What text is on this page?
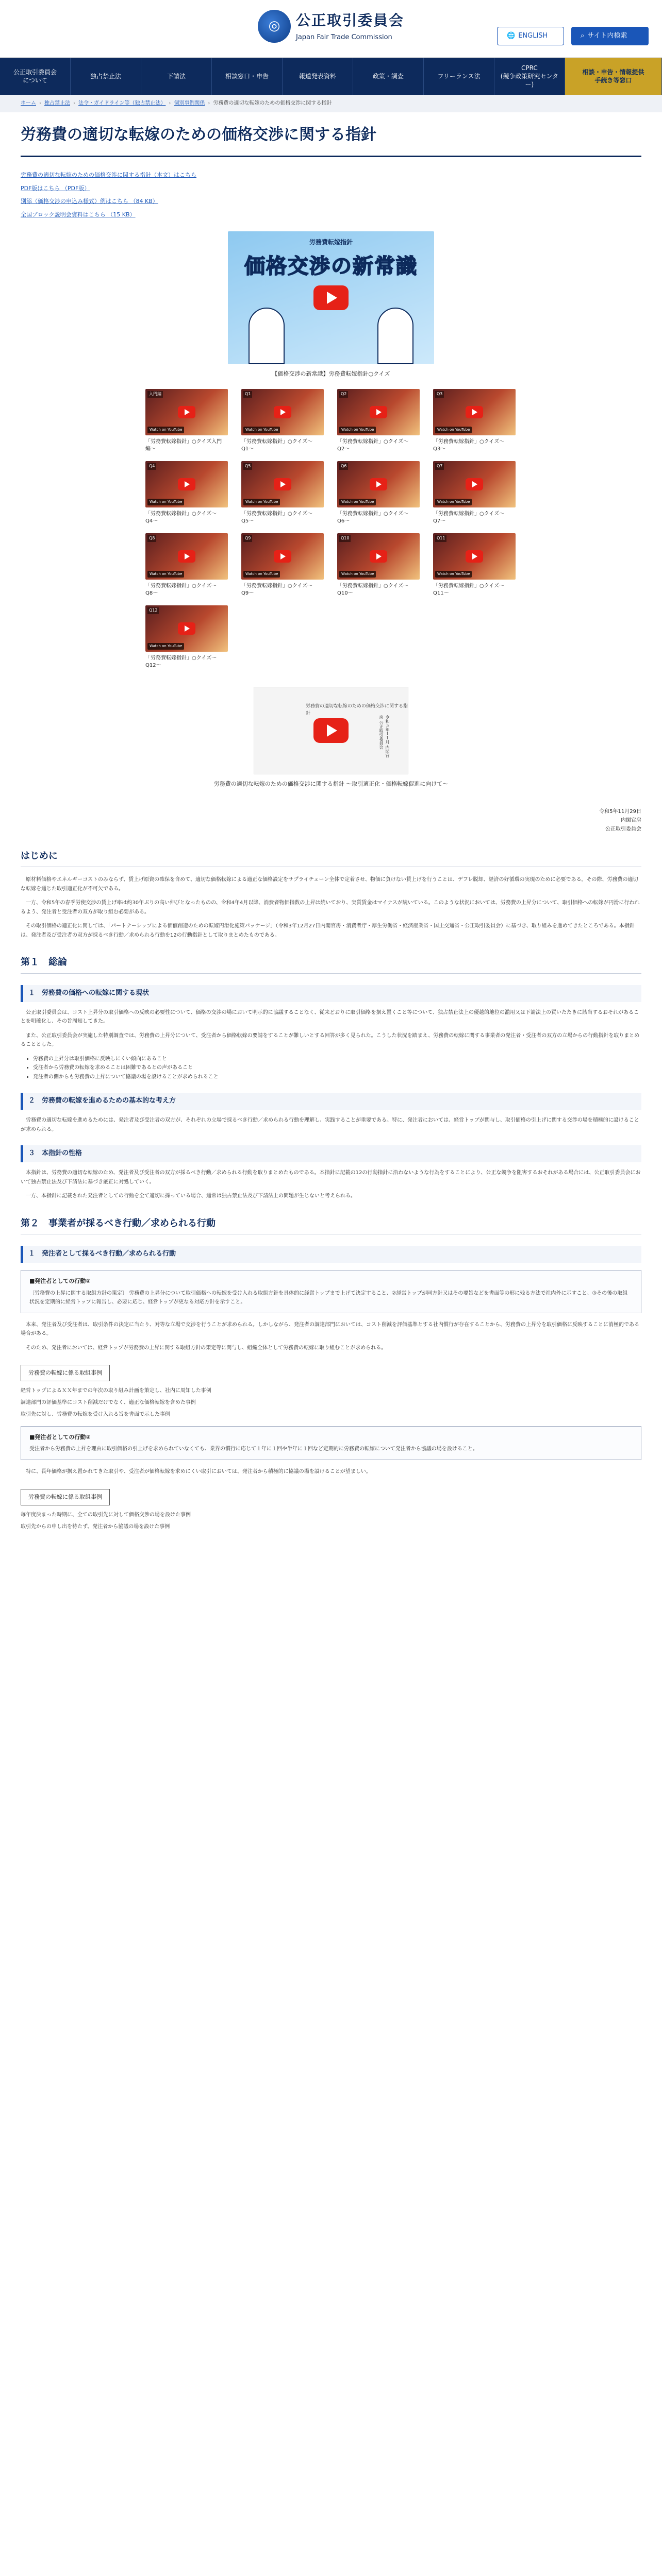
◎	公正取引委員会
Japan Fair Trade Commission	🌐 ENGLISH	⌕ サイト内検索
公正取引委員会
について
独占禁止法	下請法	相談窓口・申告	報道発表資料	政策・調査	フリーランス法
CPRC
(競争政策研究センター)
相談・申告・情報提供
手続き等窓口
ホーム › 独占禁止法 › 法令・ガイドライン等（独占禁止法） › 個別事例関係 › 労務費の適切な転嫁のための価格交渉に関する指針
労務費の適切な転嫁のための価格交渉に関する指針

労務費の適切な転嫁のための価格交渉に関する指針（本文）はこちら

PDF版はこちら （PDF版）

別添（価格交渉の申込み様式）例はこちら （84 KB）

全国ブロック説明会資料はこちら （15 KB）

労務費転嫁指針
価格交渉の新常識

【価格交渉の新常識】労務費転嫁指針○クイズ

入門編
Watch on YouTube
「労務費転嫁指針」○クイズ入門編〜
Q1
Watch on YouTube
「労務費転嫁指針」○クイズ〜Q1〜
Q2
Watch on YouTube
「労務費転嫁指針」○クイズ〜Q2〜
Q3
Watch on YouTube
「労務費転嫁指針」○クイズ〜Q3〜
Q4
Watch on YouTube
「労務費転嫁指針」○クイズ〜Q4〜
Q5
Watch on YouTube
「労務費転嫁指針」○クイズ〜Q5〜
Q6
Watch on YouTube
「労務費転嫁指針」○クイズ〜Q6〜
Q7
Watch on YouTube
「労務費転嫁指針」○クイズ〜Q7〜
Q8
Watch on YouTube
「労務費転嫁指針」○クイズ〜Q8〜
Q9
Watch on YouTube
「労務費転嫁指針」○クイズ〜Q9〜
Q10
Watch on YouTube
「労務費転嫁指針」○クイズ〜Q10〜
Q11
Watch on YouTube
「労務費転嫁指針」○クイズ〜Q11〜
Q12
Watch on YouTube
「労務費転嫁指針」○クイズ〜Q12〜
労務費の適切な転嫁のための価格交渉に関する指針
令和５年１１月 内閣官房 公正取引委員会

労務費の適切な転嫁のための価格交渉に関する指針 〜取引適正化・価格転嫁促進に向けて〜

令和5年11月29日
内閣官房
公正取引委員会
はじめに

原材料価格やエネルギーコストのみならず、賃上げ原資の確保を含めて、適切な価格転嫁による適正な価格設定をサプライチェーン全体で定着させ、物価に負けない賃上げを行うことは、デフレ脱却、経済の好循環の実現のために必要である。その際、労務費の適切な転嫁を通じた取引適正化が不可欠である。

一方、令和5年の春季労使交渉の賃上げ率は約30年ぶりの高い伸びとなったものの、令和4年4月以降、消費者物価指数の上昇は続いており、実質賃金はマイナスが続いている。このような状況においては、労務費の上昇分について、取引価格への転嫁が円滑に行われるよう、発注者と受注者の双方が取り組む必要がある。

その取引価格の適正化に関しては、「パートナーシップによる価値創造のための転嫁円滑化施策パッケージ」（令和3年12月27日内閣官房・消費者庁・厚生労働省・経済産業省・国土交通省・公正取引委員会）に基づき、取り組みを進めてきたところである。本指針は、発注者及び受注者の双方が採るべき行動／求められる行動を12の行動指針として取りまとめたものである。

第１　総論
１　労務費の価格への転嫁に関する現状

公正取引委員会は、コスト上昇分の取引価格への反映の必要性について、価格の交渉の場において明示的に協議することなく、従来どおりに取引価格を据え置くこと等について、独占禁止法上の優越的地位の濫用又は下請法上の買いたたきに該当するおそれがあることを明確化し、その旨周知してきた。

また、公正取引委員会が実施した特別調査では、労務費の上昇分について、受注者から価格転嫁の要請をすることが難しいとする回答が多く見られた。こうした状況を踏まえ、労務費の転嫁に関する事業者の発注者・受注者の双方の立場からの行動指針を取りまとめることとした。

• 労務費の上昇分は取引価格に反映しにくい傾向にあること
• 受注者から労務費の転嫁を求めることは困難であるとの声があること
• 発注者の側からも労務費の上昇について協議の場を設けることが求められること
２　労務費の転嫁を進めるための基本的な考え方

労務費の適切な転嫁を進めるためには、発注者及び受注者の双方が、それぞれの立場で採るべき行動／求められる行動を理解し、実践することが重要である。特に、発注者においては、経営トップが関与し、取引価格の引上げに関する交渉の場を積極的に設けることが求められる。

３　本指針の性格

本指針は、労務費の適切な転嫁のため、発注者及び受注者の双方が採るべき行動／求められる行動を取りまとめたものである。本指針に記載の12の行動指針に沿わないような行為をすることにより、公正な競争を阻害するおそれがある場合には、公正取引委員会において独占禁止法及び下請法に基づき厳正に対処していく。

一方、本指針に記載された発注者としての行動を全て適切に採っている場合、通常は独占禁止法及び下請法上の問題が生じないと考えられる。

第２　事業者が採るべき行動／求められる行動
１　発注者として採るべき行動／求められる行動
■発注者としての行動①

〔労務費の上昇に関する取組方針の策定〕 労務費の上昇分について取引価格への転嫁を受け入れる取組方針を具体的に経営トップまで上げて決定すること、②経営トップが同方針又はその要旨などを書面等の形に残る方法で社内外に示すこと、③その後の取組状況を定期的に経営トップに報告し、必要に応じ、経営トップが更なる対応方針を示すこと。

本来、発注者及び受注者は、取引条件の決定に当たり、対等な立場で交渉を行うことが求められる。しかしながら、発注者の調達部門においては、コスト削減を評価基準とする社内慣行が存在することから、労務費の上昇分を取引価格に反映することに消極的である場合がある。

そのため、発注者においては、経営トップが労務費の上昇に関する取組方針の策定等に関与し、組織全体として労務費の転嫁に取り組むことが求められる。

労務費の転嫁に係る取組事例

経営トップによるＸＸ年までの年次の取り組み計画を策定し、社内に周知した事例

調達部門の評価基準にコスト削減だけでなく、適正な価格転嫁を含めた事例

取引先に対し、労務費の転嫁を受け入れる旨を書面で示した事例

■発注者としての行動②

受注者から労務費の上昇を理由に取引価格の引上げを求められていなくても、業界の慣行に応じて１年に１回や半年に１回など定期的に労務費の転嫁について発注者から協議の場を設けること。

特に、長年価格が据え置かれてきた取引や、受注者が価格転嫁を求めにくい取引においては、発注者から積極的に協議の場を設けることが望ましい。

労務費の転嫁に係る取組事例

毎年度決まった時期に、全ての取引先に対して価格交渉の場を設けた事例

取引先からの申し出を待たず、発注者から協議の場を設けた事例
